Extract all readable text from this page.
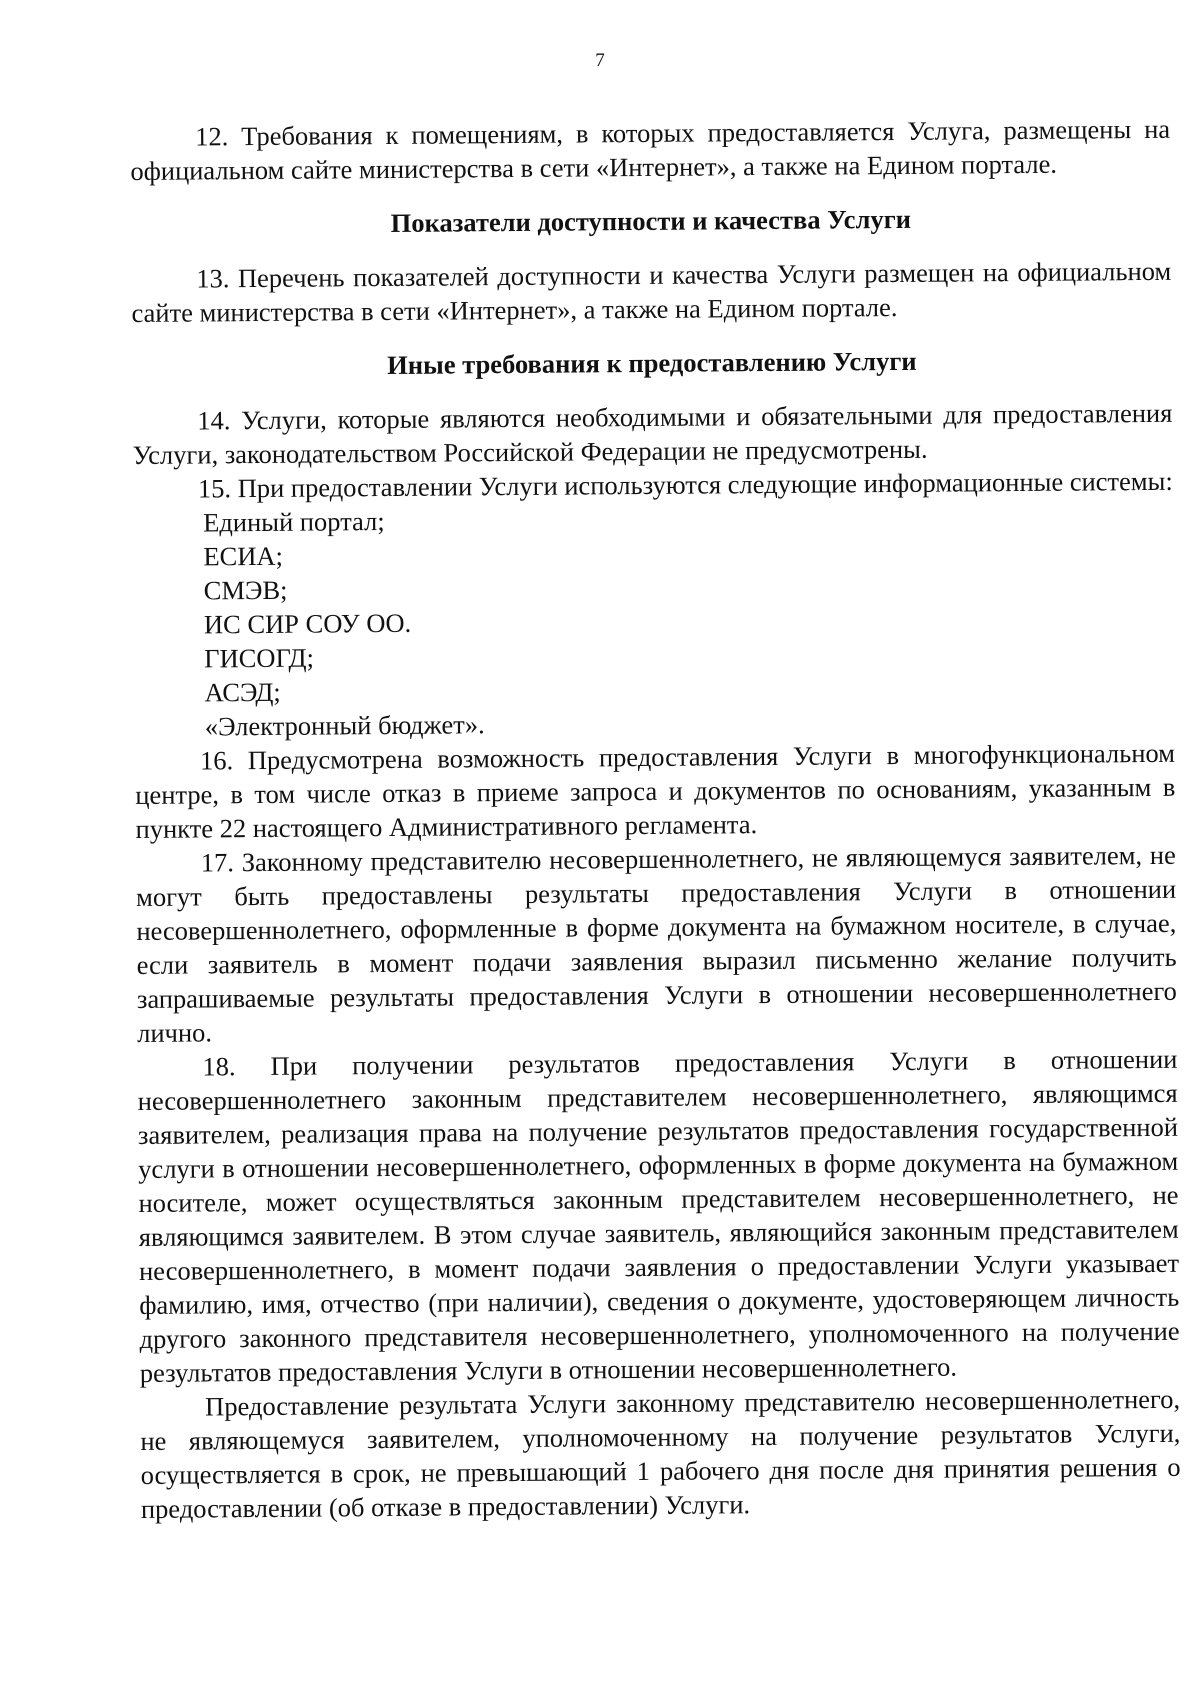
7

12. Требования к помещениям, в которых предоставляется Услуга, размещены на официальном сайте министерства в сети «Интернет», а также на Едином портале.

Показатели доступности и качества Услуги

13. Перечень показателей доступности и качества Услуги размещен на официальном сайте министерства в сети «Интернет», а также на Едином портале.

Иные требования к предоставлению Услуги

14. Услуги, которые являются необходимыми и обязательными для предоставления Услуги, законодательством Российской Федерации не предусмотрены.

15. При предоставлении Услуги используются следующие информационные системы:

Единый портал;

ЕСИА;

СМЭВ;

ИС СИР СОУ ОО.

ГИСОГД;

АСЭД;

«Электронный бюджет».

16. Предусмотрена возможность предоставления Услуги в многофункциональном центре, в том числе отказ в приеме запроса и документов по основаниям, указанным в пункте 22 настоящего Административного регламента.

17. Законному представителю несовершеннолетнего, не являющемуся заявителем, не могут быть предоставлены результаты предоставления Услуги в отношении несовершеннолетнего, оформленные в форме документа на бумажном носителе, в случае, если заявитель в момент подачи заявления выразил письменно желание получить запрашиваемые результаты предоставления Услуги в отношении несовершеннолетнего лично.

18. При получении результатов предоставления Услуги в отношении несовершеннолетнего законным представителем несовершеннолетнего, являющимся заявителем, реализация права на получение результатов предоставления государственной услуги в отношении несовершеннолетнего, оформленных в форме документа на бумажном носителе, может осуществляться законным представителем несовершеннолетнего, не являющимся заявителем. В этом случае заявитель, являющийся законным представителем несовершеннолетнего, в момент подачи заявления о предоставлении Услуги указывает фамилию, имя, отчество (при наличии), сведения о документе, удостоверяющем личность другого законного представителя несовершеннолетнего, уполномоченного на получение результатов предоставления Услуги в отношении несовершеннолетнего.

Предоставление результата Услуги законному представителю несовершеннолетнего, не являющемуся заявителем, уполномоченному на получение результатов Услуги, осуществляется в срок, не превышающий 1 рабочего дня после дня принятия решения о предоставлении (об отказе в предоставлении) Услуги.
